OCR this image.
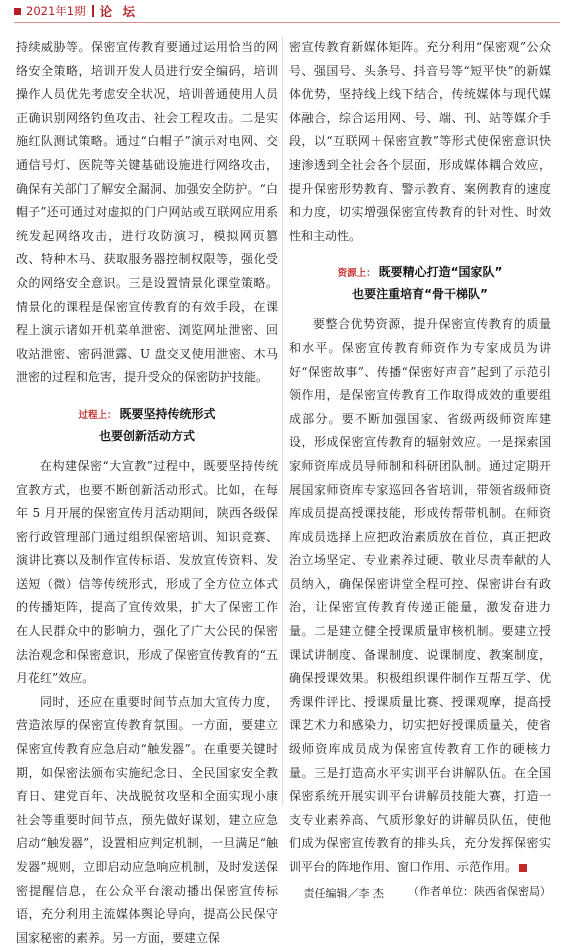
2021年1期 论 坛

持续威胁等。保密宣传教育要通过运用恰当的网络安全策略，培训开发人员进行安全编码，培训操作人员优先考虑安全状况，培训普通使用人员正确识别网络钓鱼攻击、社会工程攻击。二是实施红队测试策略。通过“白帽子”演示对电网、交通信号灯、医院等关键基础设施进行网络攻击，确保有关部门了解安全漏洞、加强安全防护。“白帽子”还可通过对虚拟的门户网站或互联网应用系统发起网络攻击，进行攻防演习，模拟网页篡改、特种木马、获取服务器控制权限等，强化受众的网络安全意识。三是设置情景化课堂策略。情景化的课程是保密宣传教育的有效手段，在课程上演示诸如开机菜单泄密、浏览网址泄密、回收站泄密、密码泄露、U 盘交叉使用泄密、木马泄密的过程和危害，提升受众的保密防护技能。

过程上： 既要坚持传统形式
也要创新活动方式

在构建保密“大宣教”过程中，既要坚持传统宣教方式，也要不断创新活动形式。比如，在每年 5 月开展的保密宣传月活动期间，陕西各级保密行政管理部门通过组织保密培训、知识竞赛、演讲比赛以及制作宣传标语、发放宣传资料、发送短（微）信等传统形式，形成了全方位立体式的传播矩阵，提高了宣传效果，扩大了保密工作在人民群众中的影响力，强化了广大公民的保密法治观念和保密意识，形成了保密宣传教育的“五月花红”效应。

同时，还应在重要时间节点加大宣传力度，营造浓厚的保密宣传教育氛围。一方面，要建立保密宣传教育应急启动“触发器”。在重要关键时期，如保密法颁布实施纪念日、全民国家安全教育日、建党百年、决战脱贫攻坚和全面实现小康社会等重要时间节点，预先做好谋划，建立应急启动“触发器”，设置相应判定机制，一旦满足“触发器”规则，立即启动应急响应机制，及时发送保密提醒信息，在公众平台滚动播出保密宣传标语，充分利用主流媒体舆论导向，提高公民保守国家秘密的素养。另一方面，要建立保

密宣传教育新媒体矩阵。充分利用“保密观”公众号、强国号、头条号、抖音号等“短平快”的新媒体优势，坚持线上线下结合，传统媒体与现代媒体融合，综合运用网、号、端、刊、站等媒介手段，以“互联网＋保密宣教”等形式使保密意识快速渗透到全社会各个层面，形成媒体耦合效应，提升保密形势教育、警示教育、案例教育的速度和力度，切实增强保密宣传教育的针对性、时效性和主动性。

资源上： 既要精心打造“国家队”
也要注重培育“骨干梯队”

要整合优势资源，提升保密宣传教育的质量和水平。保密宣传教育师资作为专家成员为讲好“保密故事”、传播“保密好声音”起到了示范引领作用，是保密宣传教育工作取得成效的重要组成部分。要不断加强国家、省级两级师资库建设，形成保密宣传教育的辐射效应。一是探索国家师资库成员导师制和科研团队制。通过定期开展国家师资库专家巡回各省培训，带领省级师资库成员提高授课技能，形成传帮带机制。在师资库成员选择上应把政治素质放在首位，真正把政治立场坚定、专业素养过硬、敬业尽责奉献的人员纳入，确保保密讲堂全程可控、保密讲台有政治，让保密宣传教育传递正能量，激发奋进力量。二是建立健全授课质量审核机制。要建立授课试讲制度、备课制度、说课制度、教案制度，确保授课效果。积极组织课件制作互帮互学、优秀课件评比、授课质量比赛、授课观摩，提高授课艺术力和感染力，切实把好授课质量关，使省级师资库成员成为保密宣传教育工作的硬核力量。三是打造高水平实训平台讲解队伍。在全国保密系统开展实训平台讲解员技能大赛，打造一支专业素养高、气质形象好的讲解员队伍，使他们成为保密宣传教育的排头兵，充分发挥保密实训平台的阵地作用、窗口作用、示范作用。
（作者单位：陕西省保密局）

责任编辑／李 杰
